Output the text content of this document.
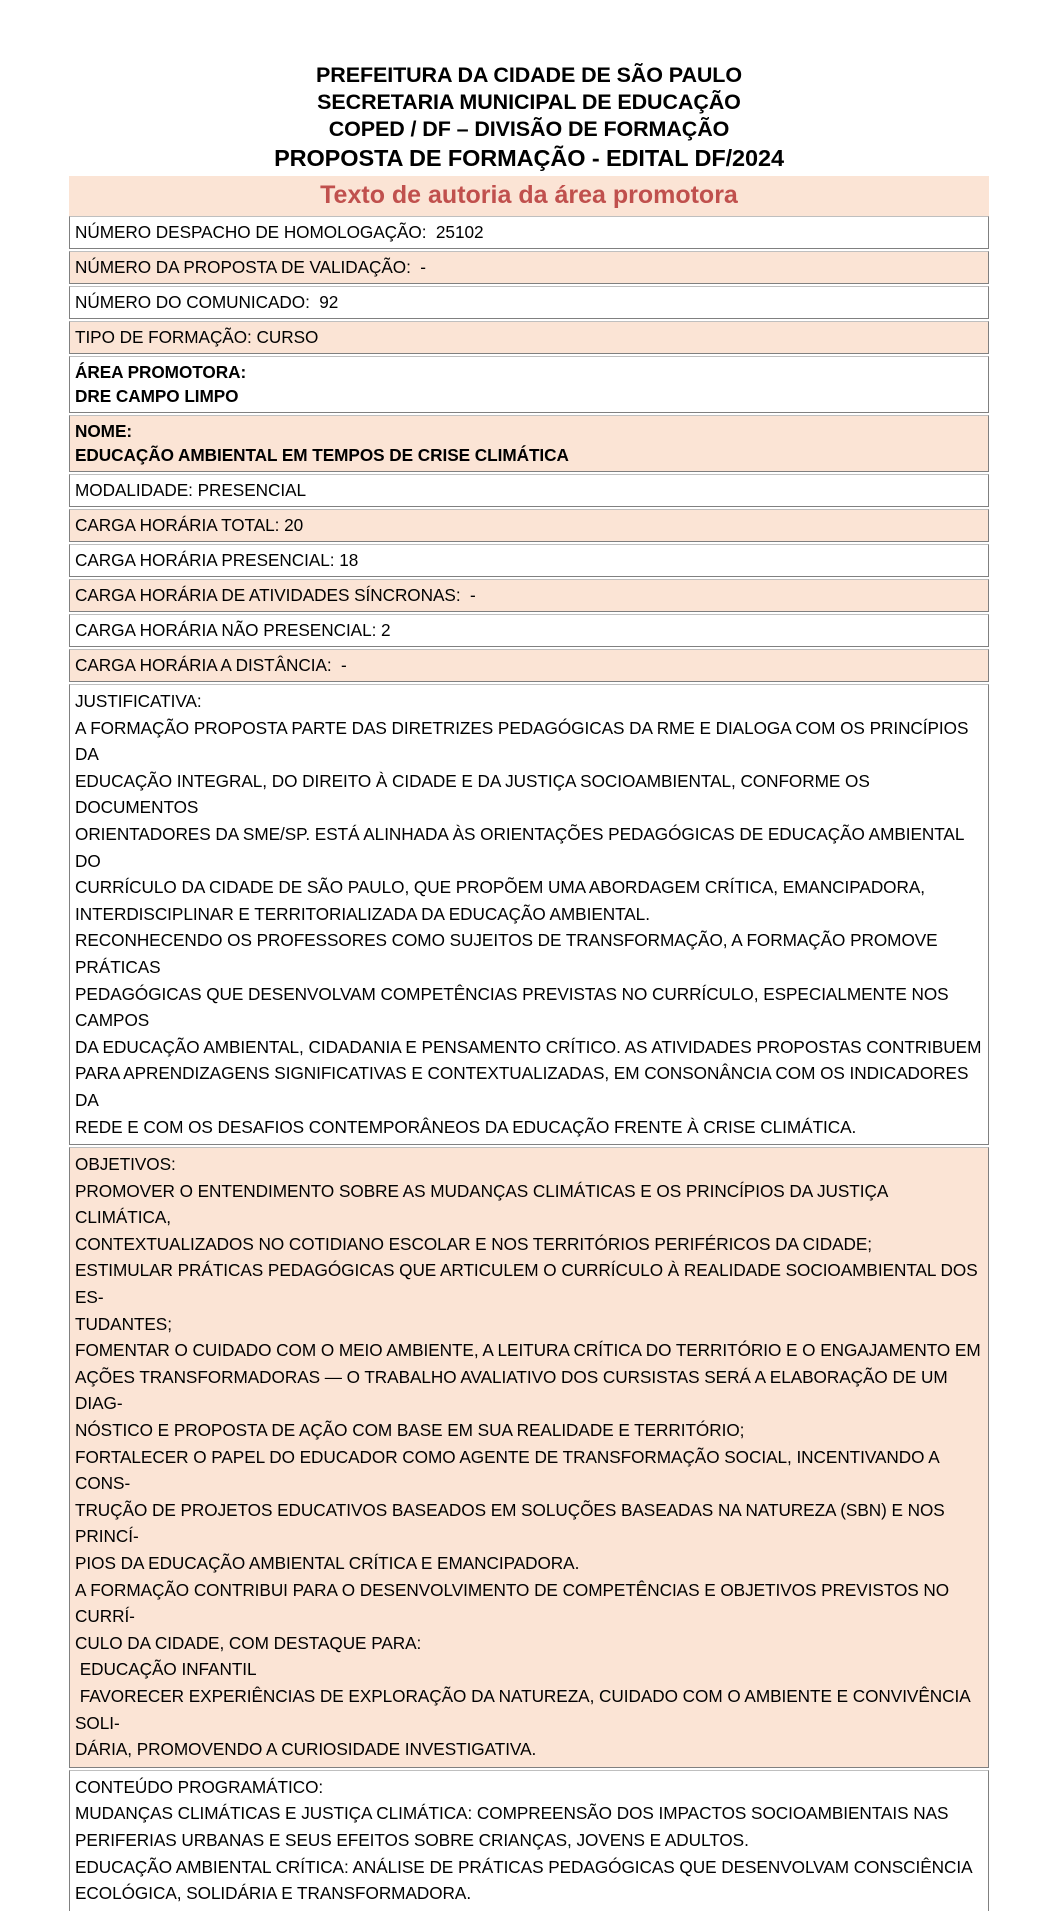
PREFEITURA DA CIDADE DE SÃO PAULO
SECRETARIA MUNICIPAL DE EDUCAÇÃO
COPED / DF – DIVISÃO DE FORMAÇÃO
PROPOSTA DE FORMAÇÃO - EDITAL DF/2024
Texto de autoria da área promotora
NÚMERO DESPACHO DE HOMOLOGAÇÃO:  25102
NÚMERO DA PROPOSTA DE VALIDAÇÃO:  -
NÚMERO DO COMUNICADO:  92
TIPO DE FORMAÇÃO: CURSO
ÁREA PROMOTORA:
DRE CAMPO LIMPO
NOME:
EDUCAÇÃO AMBIENTAL EM TEMPOS DE CRISE CLIMÁTICA
MODALIDADE: PRESENCIAL
CARGA HORÁRIA TOTAL: 20
CARGA HORÁRIA PRESENCIAL: 18
CARGA HORÁRIA DE ATIVIDADES SÍNCRONAS:  -
CARGA HORÁRIA NÃO PRESENCIAL: 2
CARGA HORÁRIA A DISTÂNCIA:  -
JUSTIFICATIVA:
A FORMAÇÃO PROPOSTA PARTE DAS DIRETRIZES PEDAGÓGICAS DA RME E DIALOGA COM OS PRINCÍPIOS DA
EDUCAÇÃO INTEGRAL, DO DIREITO À CIDADE E DA JUSTIÇA SOCIOAMBIENTAL, CONFORME OS DOCUMENTOS
ORIENTADORES DA SME/SP. ESTÁ ALINHADA ÀS ORIENTAÇÕES PEDAGÓGICAS DE EDUCAÇÃO AMBIENTAL DO
CURRÍCULO DA CIDADE DE SÃO PAULO, QUE PROPÕEM UMA ABORDAGEM CRÍTICA, EMANCIPADORA,
INTERDISCIPLINAR E TERRITORIALIZADA DA EDUCAÇÃO AMBIENTAL.
RECONHECENDO OS PROFESSORES COMO SUJEITOS DE TRANSFORMAÇÃO, A FORMAÇÃO PROMOVE PRÁTICAS
PEDAGÓGICAS QUE DESENVOLVAM COMPETÊNCIAS PREVISTAS NO CURRÍCULO, ESPECIALMENTE NOS CAMPOS
DA EDUCAÇÃO AMBIENTAL, CIDADANIA E PENSAMENTO CRÍTICO. AS ATIVIDADES PROPOSTAS CONTRIBUEM
PARA APRENDIZAGENS SIGNIFICATIVAS E CONTEXTUALIZADAS, EM CONSONÂNCIA COM OS INDICADORES DA
REDE E COM OS DESAFIOS CONTEMPORÂNEOS DA EDUCAÇÃO FRENTE À CRISE CLIMÁTICA.
OBJETIVOS:
PROMOVER O ENTENDIMENTO SOBRE AS MUDANÇAS CLIMÁTICAS E OS PRINCÍPIOS DA JUSTIÇA CLIMÁTICA,
CONTEXTUALIZADOS NO COTIDIANO ESCOLAR E NOS TERRITÓRIOS PERIFÉRICOS DA CIDADE;
ESTIMULAR PRÁTICAS PEDAGÓGICAS QUE ARTICULEM O CURRÍCULO À REALIDADE SOCIOAMBIENTAL DOS ES-
TUDANTES;
FOMENTAR O CUIDADO COM O MEIO AMBIENTE, A LEITURA CRÍTICA DO TERRITÓRIO E O ENGAJAMENTO EM
AÇÕES TRANSFORMADORAS — O TRABALHO AVALIATIVO DOS CURSISTAS SERÁ A ELABORAÇÃO DE UM DIAG-
NÓSTICO E PROPOSTA DE AÇÃO COM BASE EM SUA REALIDADE E TERRITÓRIO;
FORTALECER O PAPEL DO EDUCADOR COMO AGENTE DE TRANSFORMAÇÃO SOCIAL, INCENTIVANDO A CONS-
TRUÇÃO DE PROJETOS EDUCATIVOS BASEADOS EM SOLUÇÕES BASEADAS NA NATUREZA (SBN) E NOS PRINCÍ-
PIOS DA EDUCAÇÃO AMBIENTAL CRÍTICA E EMANCIPADORA.
A FORMAÇÃO CONTRIBUI PARA O DESENVOLVIMENTO DE COMPETÊNCIAS E OBJETIVOS PREVISTOS NO CURRÍ-
CULO DA CIDADE, COM DESTAQUE PARA:
EDUCAÇÃO INFANTIL
FAVORECER EXPERIÊNCIAS DE EXPLORAÇÃO DA NATUREZA, CUIDADO COM O AMBIENTE E CONVIVÊNCIA SOLI-
DÁRIA, PROMOVENDO A CURIOSIDADE INVESTIGATIVA.
CONTEÚDO PROGRAMÁTICO:
MUDANÇAS CLIMÁTICAS E JUSTIÇA CLIMÁTICA: COMPREENSÃO DOS IMPACTOS SOCIOAMBIENTAIS NAS
PERIFERIAS URBANAS E SEUS EFEITOS SOBRE CRIANÇAS, JOVENS E ADULTOS.
EDUCAÇÃO AMBIENTAL CRÍTICA: ANÁLISE DE PRÁTICAS PEDAGÓGICAS QUE DESENVOLVAM CONSCIÊNCIA
ECOLÓGICA, SOLIDÁRIA E TRANSFORMADORA.
